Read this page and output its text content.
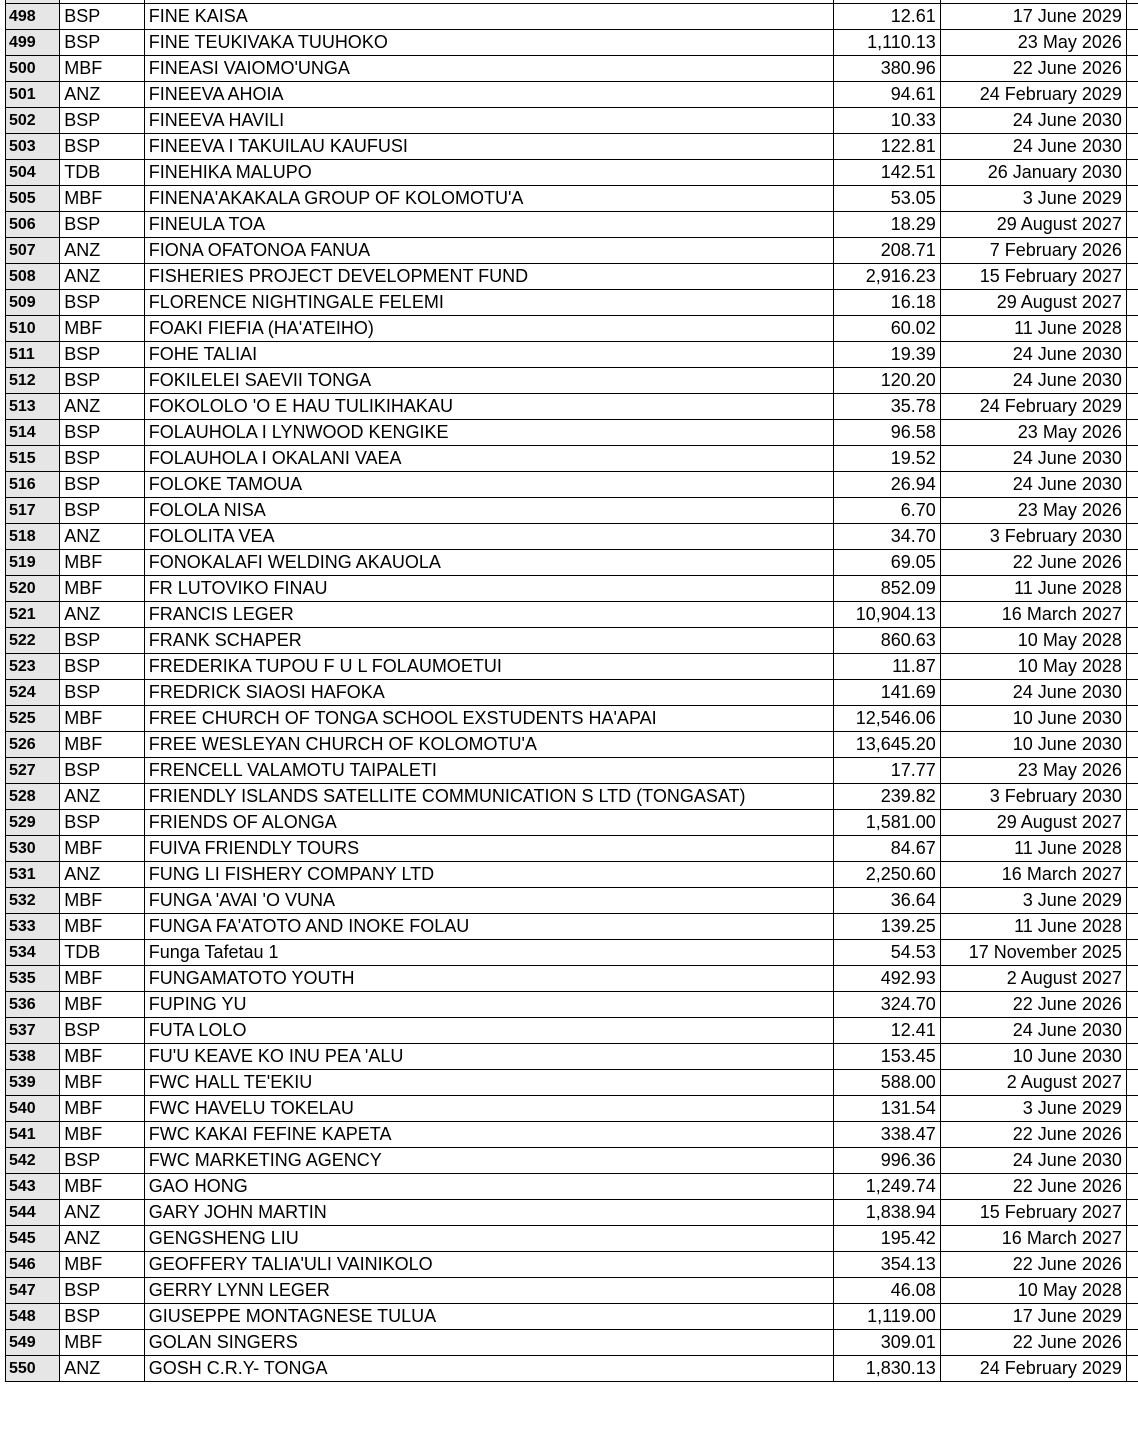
498	BSP	FINE KAISA	12.61	17 June 2029	
499	BSP	FINE TEUKIVAKA TUUHOKO	1,110.13	23 May 2026	
500	MBF	FINEASI VAIOMO'UNGA	380.96	22 June 2026	
501	ANZ	FINEEVA AHOIA	94.61	24 February 2029	
502	BSP	FINEEVA HAVILI	10.33	24 June 2030	
503	BSP	FINEEVA I TAKUILAU KAUFUSI	122.81	24 June 2030	
504	TDB	FINEHIKA MALUPO	142.51	26 January 2030	
505	MBF	FINENA'AKAKALA GROUP OF KOLOMOTU'A	53.05	3 June 2029	
506	BSP	FINEULA TOA	18.29	29 August 2027	
507	ANZ	FIONA OFATONOA FANUA	208.71	7 February 2026	
508	ANZ	FISHERIES PROJECT DEVELOPMENT FUND	2,916.23	15 February 2027	
509	BSP	FLORENCE NIGHTINGALE FELEMI	16.18	29 August 2027	
510	MBF	FOAKI FIEFIA (HA'ATEIHO)	60.02	11 June 2028	
511	BSP	FOHE TALIAI	19.39	24 June 2030	
512	BSP	FOKILELEI SAEVII TONGA	120.20	24 June 2030	
513	ANZ	FOKOLOLO 'O E HAU TULIKIHAKAU	35.78	24 February 2029	
514	BSP	FOLAUHOLA I LYNWOOD KENGIKE	96.58	23 May 2026	
515	BSP	FOLAUHOLA I OKALANI VAEA	19.52	24 June 2030	
516	BSP	FOLOKE TAMOUA	26.94	24 June 2030	
517	BSP	FOLOLA NISA	6.70	23 May 2026	
518	ANZ	FOLOLITA VEA	34.70	3 February 2030	
519	MBF	FONOKALAFI WELDING AKAUOLA	69.05	22 June 2026	
520	MBF	FR LUTOVIKO FINAU	852.09	11 June 2028	
521	ANZ	FRANCIS LEGER	10,904.13	16 March 2027	
522	BSP	FRANK SCHAPER	860.63	10 May 2028	
523	BSP	FREDERIKA TUPOU F U L FOLAUMOETUI	11.87	10 May 2028	
524	BSP	FREDRICK SIAOSI HAFOKA	141.69	24 June 2030	
525	MBF	FREE CHURCH OF TONGA SCHOOL EXSTUDENTS HA'APAI	12,546.06	10 June 2030	
526	MBF	FREE WESLEYAN CHURCH OF KOLOMOTU'A	13,645.20	10 June 2030	
527	BSP	FRENCELL VALAMOTU TAIPALETI	17.77	23 May 2026	
528	ANZ	FRIENDLY ISLANDS SATELLITE COMMUNICATION S LTD (TONGASAT)	239.82	3 February 2030	
529	BSP	FRIENDS OF ALONGA	1,581.00	29 August 2027	
530	MBF	FUIVA FRIENDLY TOURS	84.67	11 June 2028	
531	ANZ	FUNG LI FISHERY COMPANY LTD	2,250.60	16 March 2027	
532	MBF	FUNGA 'AVAI 'O VUNA	36.64	3 June 2029	
533	MBF	FUNGA FA'ATOTO AND INOKE FOLAU	139.25	11 June 2028	
534	TDB	Funga Tafetau 1	54.53	17 November 2025	
535	MBF	FUNGAMATOTO YOUTH	492.93	2 August 2027	
536	MBF	FUPING YU	324.70	22 June 2026	
537	BSP	FUTA LOLO	12.41	24 June 2030	
538	MBF	FU'U KEAVE KO INU PEA 'ALU	153.45	10 June 2030	
539	MBF	FWC HALL TE'EKIU	588.00	2 August 2027	
540	MBF	FWC HAVELU TOKELAU	131.54	3 June 2029	
541	MBF	FWC KAKAI FEFINE KAPETA	338.47	22 June 2026	
542	BSP	FWC MARKETING AGENCY	996.36	24 June 2030	
543	MBF	GAO HONG	1,249.74	22 June 2026	
544	ANZ	GARY JOHN MARTIN	1,838.94	15 February 2027	
545	ANZ	GENGSHENG LIU	195.42	16 March 2027	
546	MBF	GEOFFERY TALIA'ULI VAINIKOLO	354.13	22 June 2026	
547	BSP	GERRY LYNN LEGER	46.08	10 May 2028	
548	BSP	GIUSEPPE MONTAGNESE TULUA	1,119.00	17 June 2029	
549	MBF	GOLAN SINGERS	309.01	22 June 2026	
550	ANZ	GOSH C.R.Y- TONGA	1,830.13	24 February 2029	
